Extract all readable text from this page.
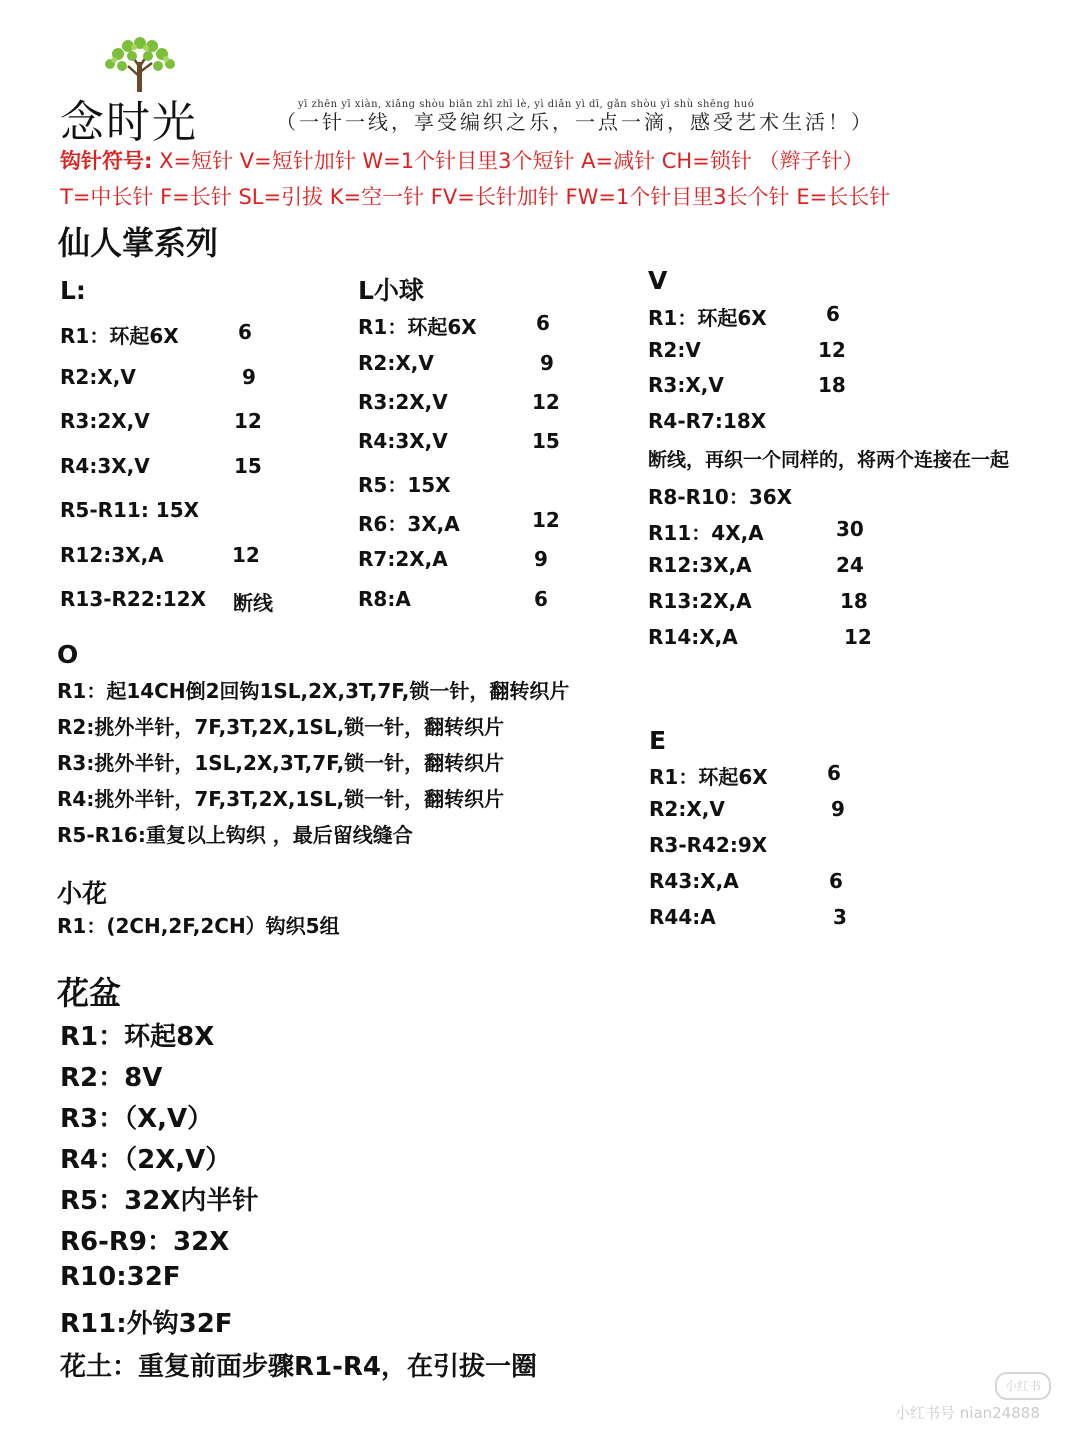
念时光	yī zhēn yī xiàn, xiǎng shòu biān zhī zhī lè, yì diǎn yì dī, gǎn shòu yì shù shēng huó
（一针一线，享受编织之乐，一点一滴，感受艺术生活！）
钩针符号: X=短针 V=短针加针 W=1个针目里3个短针 A=减针 CH=锁针 （辫子针）
T=中长针 F=长针 SL=引拔 K=空一针 FV=长针加针 FW=1个针目里3长个针 E=长长针
仙人掌系列
L:
R1：环起6X	6
R2:X,V	9
R3:2X,V	12
R4:3X,V	15
R5-R11: 15X
R12:3X,A	12
R13-R22:12X 断线
L小球
R1：环起6X	6
R2:X,V	9
R3:2X,V	12
R4:3X,V	15
R5：15X
R6：3X,A	12
R7:2X,A	9
R8:A	6
V
R1：环起6X	6
R2:V	12
R3:X,V	18
R4-R7:18X
断线，再织一个同样的，将两个连接在一起
R8-R10：36X
R11：4X,A	30
R12:3X,A	24
R13:2X,A	18
R14:X,A	12
O
R1：起14CH倒2回钩1SL,2X,3T,7F,锁一针，翻转织片
R2:挑外半针，7F,3T,2X,1SL,锁一针，翻转织片
R3:挑外半针，1SL,2X,3T,7F,锁一针，翻转织片
R4:挑外半针，7F,3T,2X,1SL,锁一针，翻转织片
R5-R16:重复以上钩织 ，最后留线缝合
E
R1：环起6X	6
R2:X,V	9
R3-R42:9X
R43:X,A	6
R44:A	3
小花
R1：(2CH,2F,2CH）钩织5组
花盆
R1：环起8X
R2：8V
R3：（X,V）
R4：（2X,V）
R5：32X内半针
R6-R9：32X
R10:32F
R11:外钩32F
花土：重复前面步骤R1-R4，在引拔一圈
小红书
小红书号 nian24888
